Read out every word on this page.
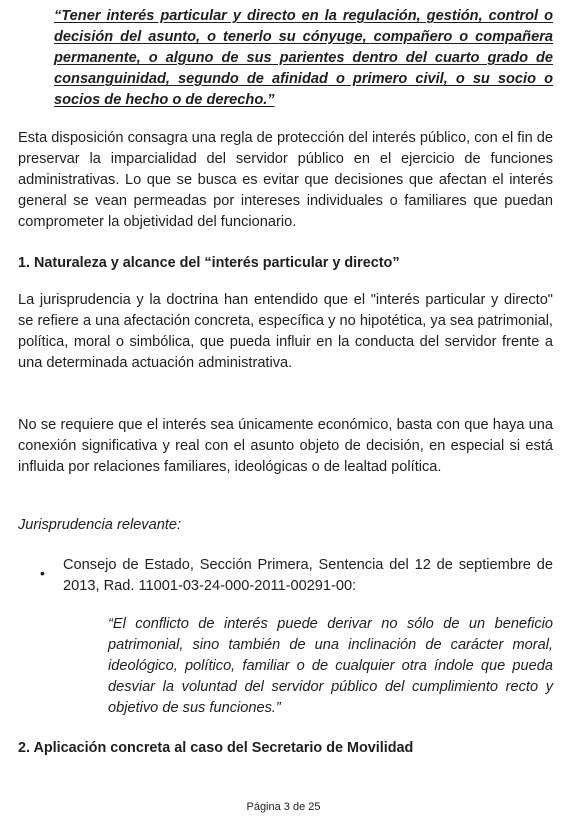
“Tener interés particular y directo en la regulación, gestión, control o decisión del asunto, o tenerlo su cónyuge, compañero o compañera permanente, o alguno de sus parientes dentro del cuarto grado de consanguinidad, segundo de afinidad o primero civil, o su socio o socios de hecho o de derecho.”

Esta disposición consagra una regla de protección del interés público, con el fin de preservar la imparcialidad del servidor público en el ejercicio de funciones administrativas. Lo que se busca es evitar que decisiones que afectan el interés general se vean permeadas por intereses individuales o familiares que puedan comprometer la objetividad del funcionario.

1. Naturaleza y alcance del “interés particular y directo”

La jurisprudencia y la doctrina han entendido que el "interés particular y directo" se refiere a una afectación concreta, específica y no hipotética, ya sea patrimonial, política, moral o simbólica, que pueda influir en la conducta del servidor frente a una determinada actuación administrativa.

No se requiere que el interés sea únicamente económico, basta con que haya una conexión significativa y real con el asunto objeto de decisión, en especial si está influida por relaciones familiares, ideológicas o de lealtad política.

Jurisprudencia relevante:

• Consejo de Estado, Sección Primera, Sentencia del 12 de septiembre de 2013, Rad. 11001-03-24-000-2011-00291-00:

“El conflicto de interés puede derivar no sólo de un beneficio patrimonial, sino también de una inclinación de carácter moral, ideológico, político, familiar o de cualquier otra índole que pueda desviar la voluntad del servidor público del cumplimiento recto y objetivo de sus funciones.”

2. Aplicación concreta al caso del Secretario de Movilidad

Página 3 de 25
